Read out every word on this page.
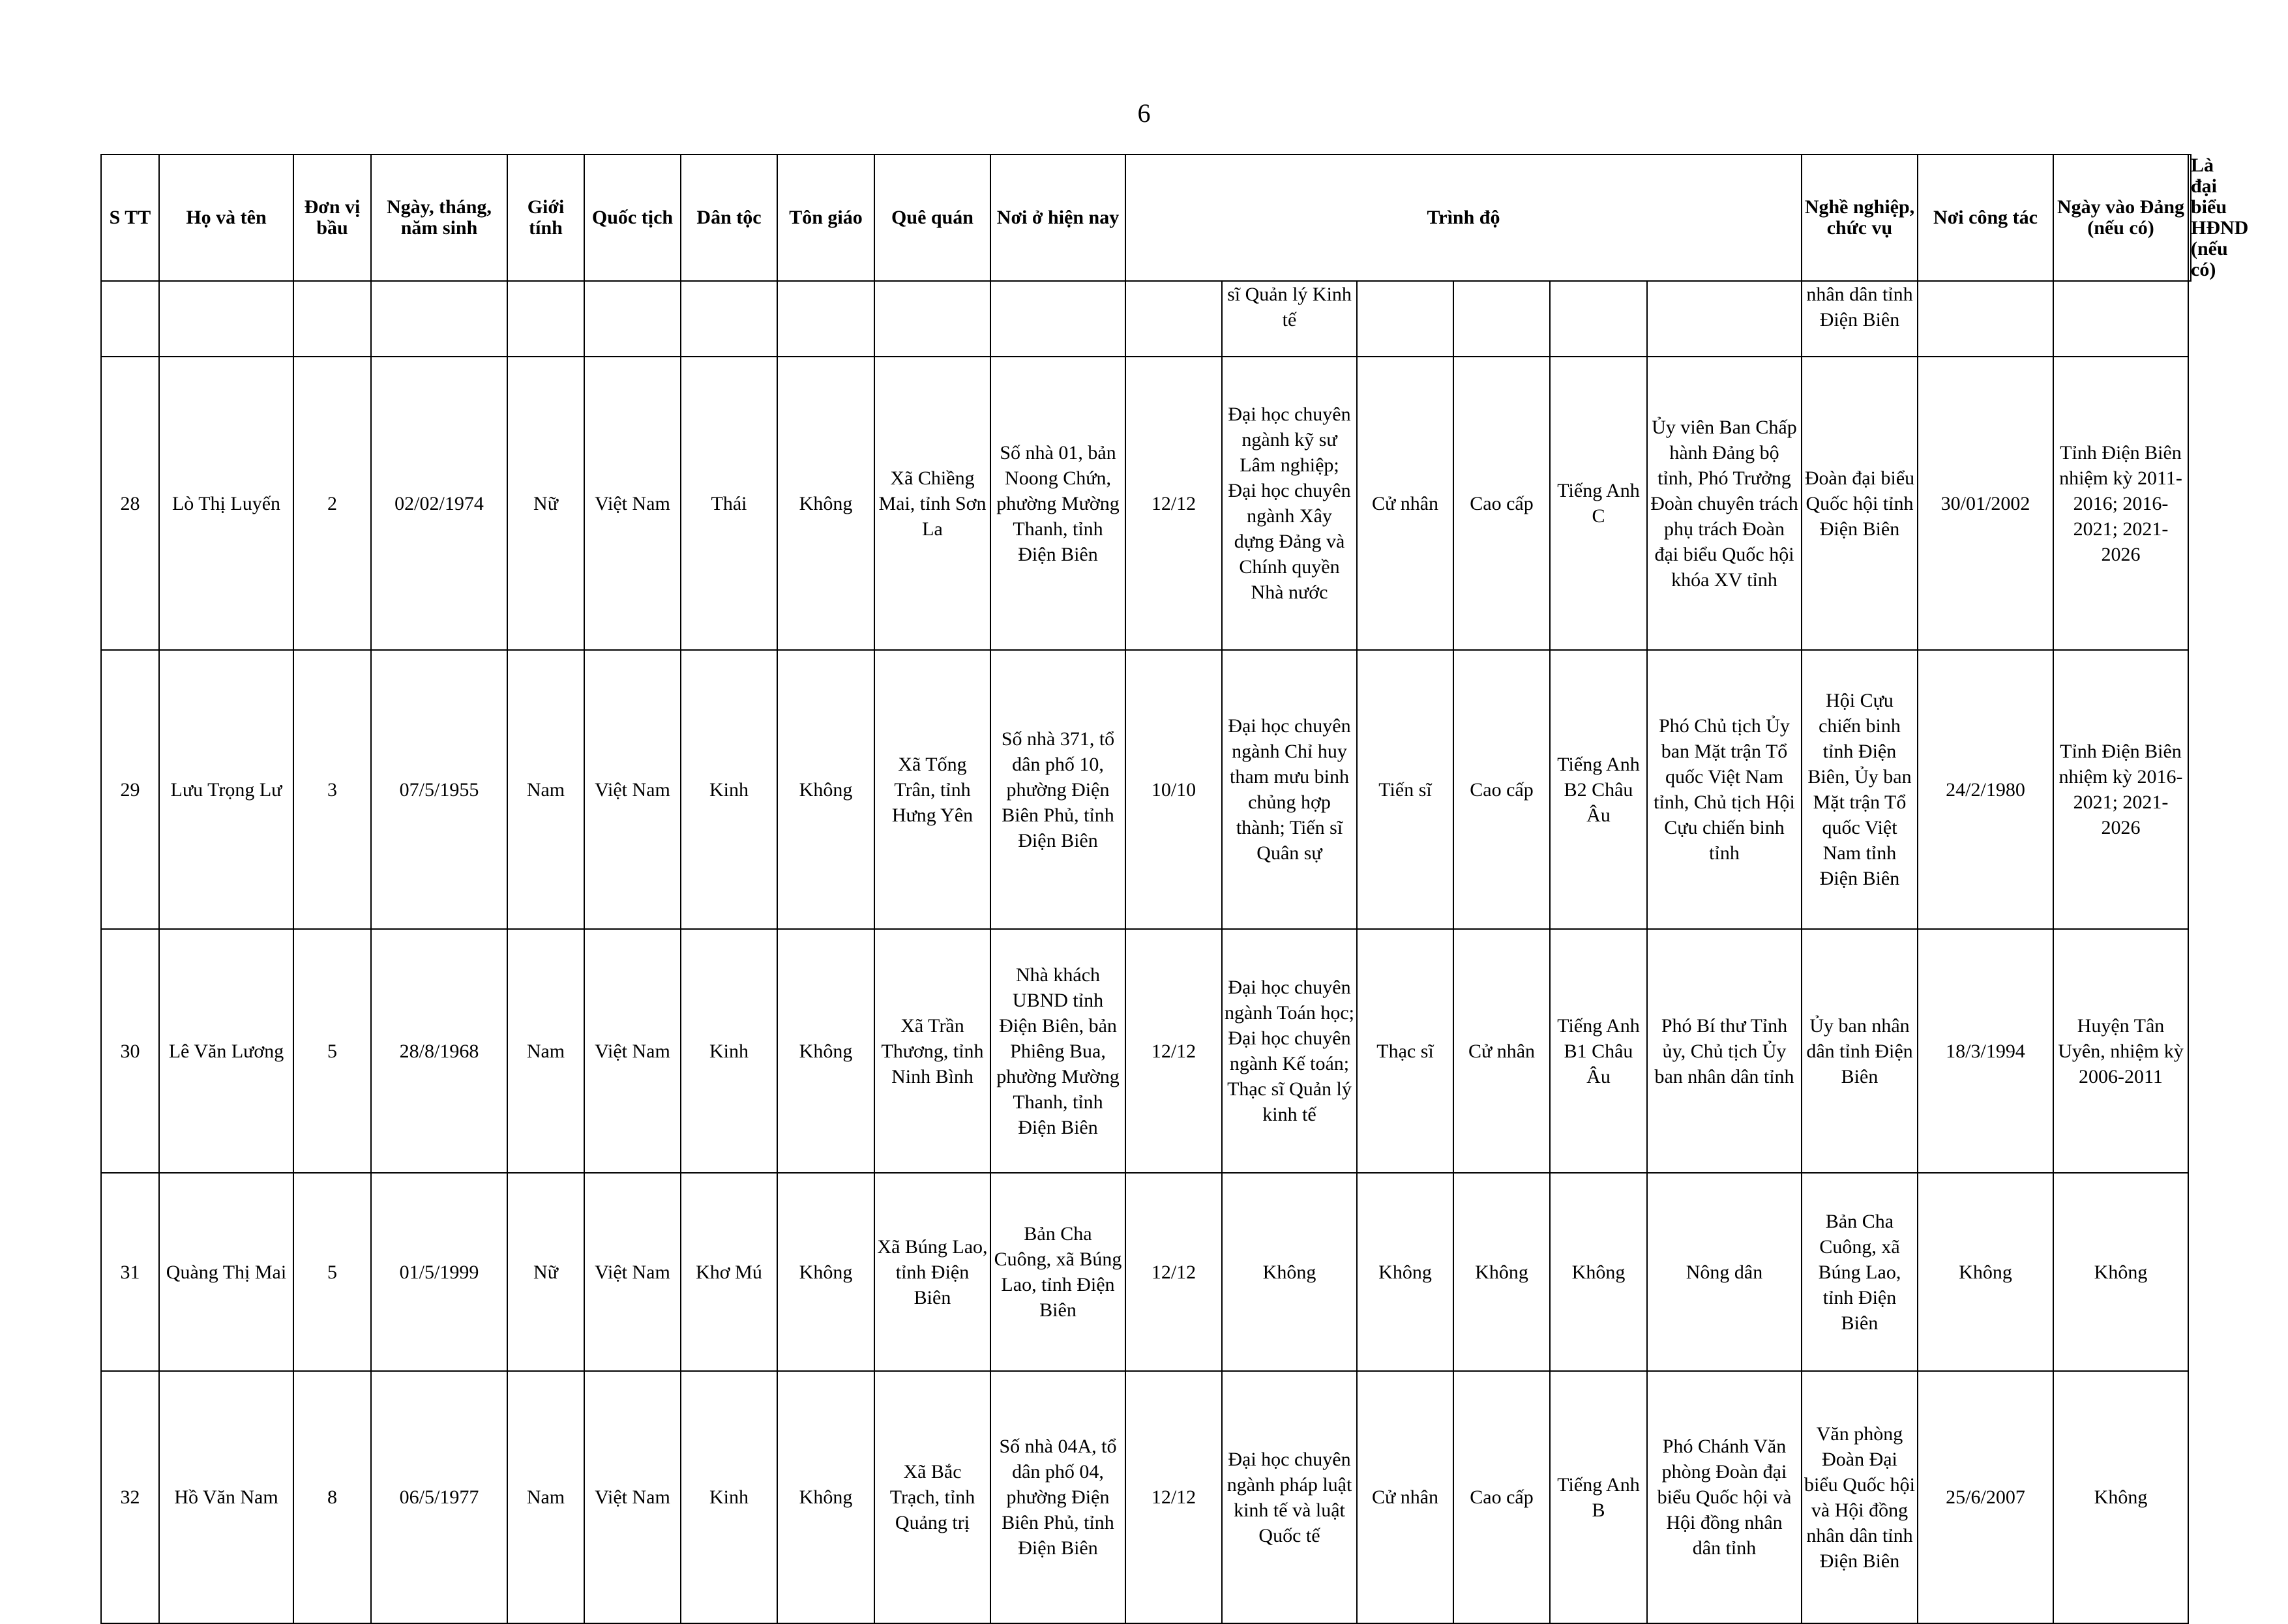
6
S TT	Họ và tên	Đơn vị bầu	Ngày, tháng, năm sinh	Giới tính	Quốc tịch	Dân tộc	Tôn giáo	Quê quán	Nơi ở hiện nay	Trình độ						Nghề nghiệp, chức vụ	Nơi công tác	Ngày vào Đảng (nếu có)	Là đại biểu HĐND (nếu có)
											sĩ Quản lý Kinh tế					nhân dân tỉnh Điện Biên			
28	Lò Thị Luyến	2	02/02/1974	Nữ	Việt Nam	Thái	Không	Xã Chiềng Mai, tỉnh Sơn La	Số nhà 01, bản Noong Chứn, phường Mường Thanh, tỉnh Điện Biên	12/12	Đại học chuyên ngành kỹ sư Lâm nghiệp; Đại học chuyên ngành Xây dựng Đảng và Chính quyền Nhà nước	Cử nhân	Cao cấp	Tiếng Anh C	Ủy viên Ban Chấp hành Đảng bộ tỉnh, Phó Trưởng Đoàn chuyên trách phụ trách Đoàn đại biểu Quốc hội khóa XV tỉnh	Đoàn đại biểu Quốc hội tỉnh Điện Biên	30/01/2002	Tỉnh Điện Biên nhiệm kỳ 2011-2016; 2016-2021; 2021-2026	
29	Lưu Trọng Lư	3	07/5/1955	Nam	Việt Nam	Kinh	Không	Xã Tống Trân, tỉnh Hưng Yên	Số nhà 371, tổ dân phố 10, phường Điện Biên Phủ, tỉnh Điện Biên	10/10	Đại học chuyên ngành Chỉ huy tham mưu binh chủng hợp thành; Tiến sĩ Quân sự	Tiến sĩ	Cao cấp	Tiếng Anh B2 Châu Âu	Phó Chủ tịch Ủy ban Mặt trận Tổ quốc Việt Nam tỉnh, Chủ tịch Hội Cựu chiến binh tỉnh	Hội Cựu chiến binh tỉnh Điện Biên, Ủy ban Mặt trận Tổ quốc Việt Nam tỉnh Điện Biên	24/2/1980	Tỉnh Điện Biên nhiệm kỳ 2016-2021; 2021-2026	
30	Lê Văn Lương	5	28/8/1968	Nam	Việt Nam	Kinh	Không	Xã Trần Thương, tỉnh Ninh Bình	Nhà khách UBND tỉnh Điện Biên, bản Phiêng Bua, phường Mường Thanh, tỉnh Điện Biên	12/12	Đại học chuyên ngành Toán học; Đại học chuyên ngành Kế toán; Thạc sĩ Quản lý kinh tế	Thạc sĩ	Cử nhân	Tiếng Anh B1 Châu Âu	Phó Bí thư Tỉnh ủy, Chủ tịch Ủy ban nhân dân tỉnh	Ủy ban nhân dân tỉnh Điện Biên	18/3/1994	Huyện Tân Uyên, nhiệm kỳ 2006-2011	
31	Quàng Thị Mai	5	01/5/1999	Nữ	Việt Nam	Khơ Mú	Không	Xã Búng Lao, tỉnh Điện Biên	Bản Cha Cuông, xã Búng Lao, tỉnh Điện Biên	12/12	Không	Không	Không	Không	Nông dân	Bản Cha Cuông, xã Búng Lao, tỉnh Điện Biên	Không	Không	
32	Hồ Văn Nam	8	06/5/1977	Nam	Việt Nam	Kinh	Không	Xã Bắc Trạch, tỉnh Quảng trị	Số nhà 04A, tổ dân phố 04, phường Điện Biên Phủ, tỉnh Điện Biên	12/12	Đại học chuyên ngành pháp luật kinh tế và luật Quốc tế	Cử nhân	Cao cấp	Tiếng Anh B	Phó Chánh Văn phòng Đoàn đại biểu Quốc hội và Hội đồng nhân dân tỉnh	Văn phòng Đoàn Đại biểu Quốc hội và Hội đồng nhân dân tỉnh Điện Biên	25/6/2007	Không	
